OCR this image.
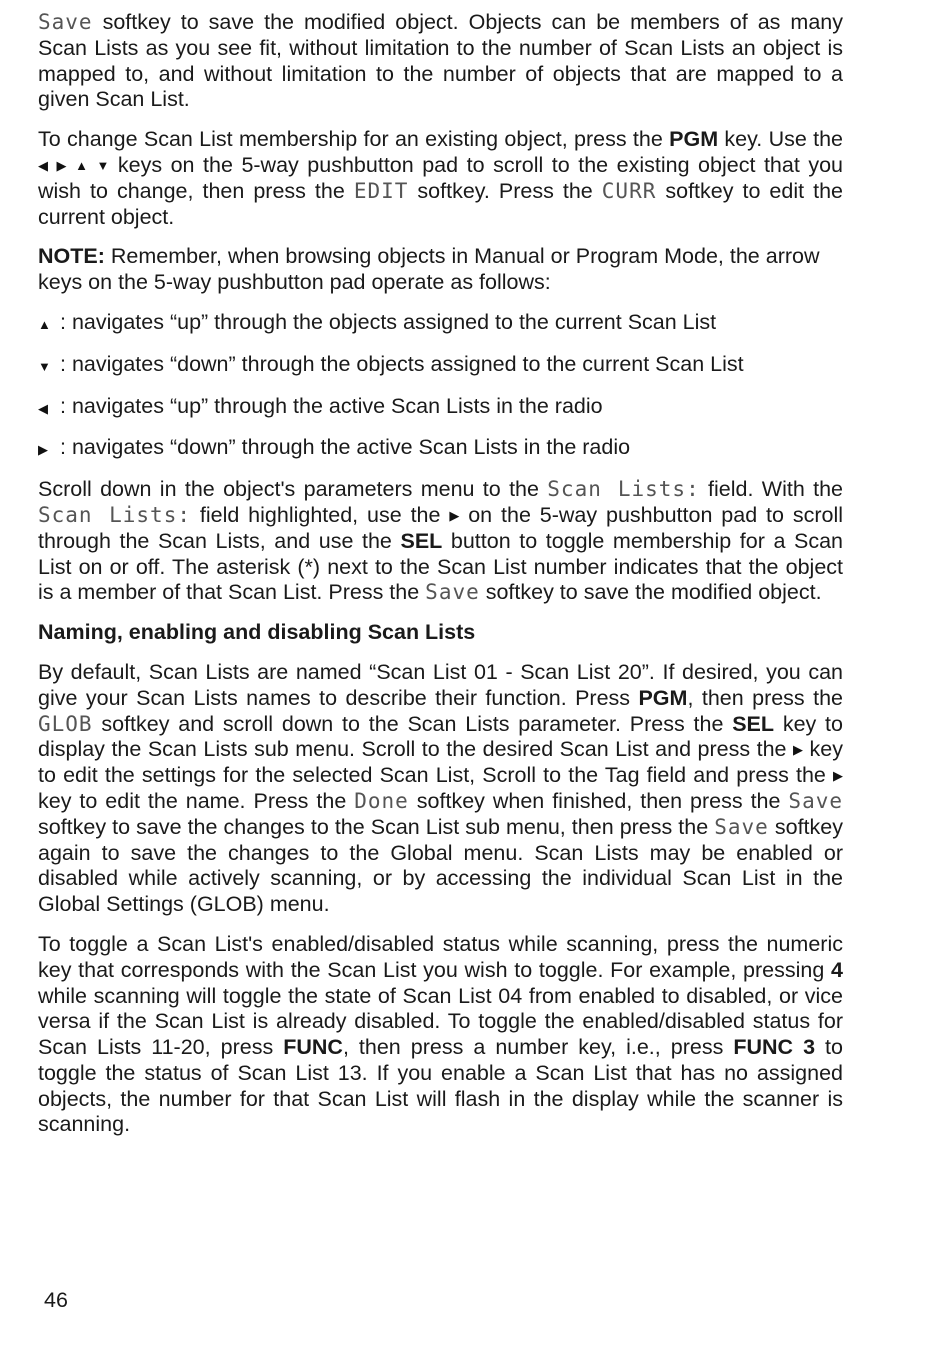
Save softkey to save the modified object. Objects can be members of as many Scan Lists as you see fit, without limitation to the number of Scan Lists an object is mapped to, and without limitation to the number of objects that are mapped to a given Scan List.

To change Scan List membership for an existing object, press the PGM key. Use the ◀ ▶ ▲ ▼ keys on the 5-way pushbutton pad to scroll to the existing object that you wish to change, then press the EDIT softkey. Press the CURR softkey to edit the current object.

NOTE: Remember, when browsing objects in Manual or Program Mode, the arrow keys on the 5-way pushbutton pad operate as follows:

▲ : navigates “up” through the objects assigned to the current Scan List
▼ : navigates “down” through the objects assigned to the current Scan List
◀ : navigates “up” through the active Scan Lists in the radio
▶ : navigates “down” through the active Scan Lists in the radio

Scroll down in the object's parameters menu to the Scan Lists: field. With the Scan Lists: field highlighted, use the ▶ on the 5-way pushbutton pad to scroll through the Scan Lists, and use the SEL button to toggle membership for a Scan List on or off. The asterisk (*) next to the Scan List number indicates that the object is a member of that Scan List. Press the Save softkey to save the modified object.

Naming, enabling and disabling Scan Lists

By default, Scan Lists are named “Scan List 01 - Scan List 20”. If desired, you can give your Scan Lists names to describe their function. Press PGM, then press the GLOB softkey and scroll down to the Scan Lists parameter. Press the SEL key to display the Scan Lists sub menu. Scroll to the desired Scan List and press the ▶ key to edit the settings for the selected Scan List, Scroll to the Tag field and press the ▶ key to edit the name. Press the Done softkey when finished, then press the Save softkey to save the changes to the Scan List sub menu, then press the Save softkey again to save the changes to the Global menu. Scan Lists may be enabled or disabled while actively scanning, or by accessing the individual Scan List in the Global Settings (GLOB) menu.

To toggle a Scan List's enabled/disabled status while scanning, press the numeric key that corresponds with the Scan List you wish to toggle. For example, pressing 4 while scanning will toggle the state of Scan List 04 from enabled to disabled, or vice versa if the Scan List is already disabled. To toggle the enabled/disabled status for Scan Lists 11-20, press FUNC, then press a number key, i.e., press FUNC 3 to toggle the status of Scan List 13. If you enable a Scan List that has no assigned objects, the number for that Scan List will flash in the display while the scanner is scanning.

46
